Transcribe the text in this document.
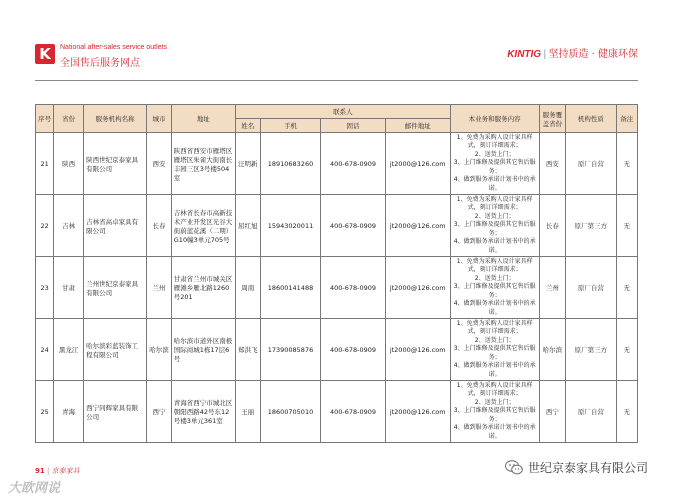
K	National after-sales service outlets
全国售后服务网点
KINTIG | 坚持质造 · 健康环保
序号	省份	服务机构名称	城市	地址	联系人				本业务和服务内容	服务覆盖省份	机构性质	备注
					姓名	手机	固话	邮件地址				
21	陕西	陕西世纪京泰家具有限公司	西安	陕西省西安市雁塔区雁塔区朱雀大街南长丰园三区3号楼504室	汪明新	18910683260	400-678-0909	jt2000@126.com	1、免费为采购人设计家具样式，刻订详细需求；
2、送货上门；
3、上门维修及提供其它售后服务；
4、做到服务承诺计划书中的承诺。	西安	原厂自营	无
22	吉林	吉林省高卓家具有限公司	长春	吉林省长春市高新技术产业开发区光谷大街蔚蓝花溪（二期）G10幢3单元705号	屈红旭	15943020011	400-678-0909	jt2000@126.com	1、免费为采购人设计家具样式，刻订详细需求；
2、送货上门；
3、上门维修及提供其它售后服务；
4、做到服务承诺计划书中的承诺。	长春	原厂第三方	无
23	甘肃	兰州世纪京泰家具有限公司	兰州	甘肃省兰州市城关区雁滩乡雁北路1260号201	周南	18600141488	400-678-0909	jt2000@126.com	1、免费为采购人设计家具样式，刻订详细需求；
2、送货上门；
3、上门维修及提供其它售后服务；
4、做到服务承诺计划书中的承诺。	兰州	原厂自营	无
24	黑龙江	哈尔滨彩蓝装饰工程有限公司	哈尔滨	哈尔滨市道外区南极国际商城1栋17层6号	郑洪飞	17390085876	400-678-0909	jt2000@126.com	1、免费为采购人设计家具样式，刻订详细需求；
2、送货上门；
3、上门维修及提供其它售后服务；
4、做到服务承诺计划书中的承诺。	哈尔滨	原厂第三方	无
25	青海	西宁同辉家具有限公司	西宁	青海省西宁市城北区朝阳西路42号东12号楼3单元361室	王丽	18600705010	400-678-0909	jt2000@126.com	1、免费为采购人设计家具样式，刻订详细需求；
2、送货上门；
3、上门维修及提供其它售后服务；
4、做到服务承诺计划书中的承诺。	西宁	原厂自营	无
91 | 京泰家具
大欧网说
世纪京泰家具有限公司
